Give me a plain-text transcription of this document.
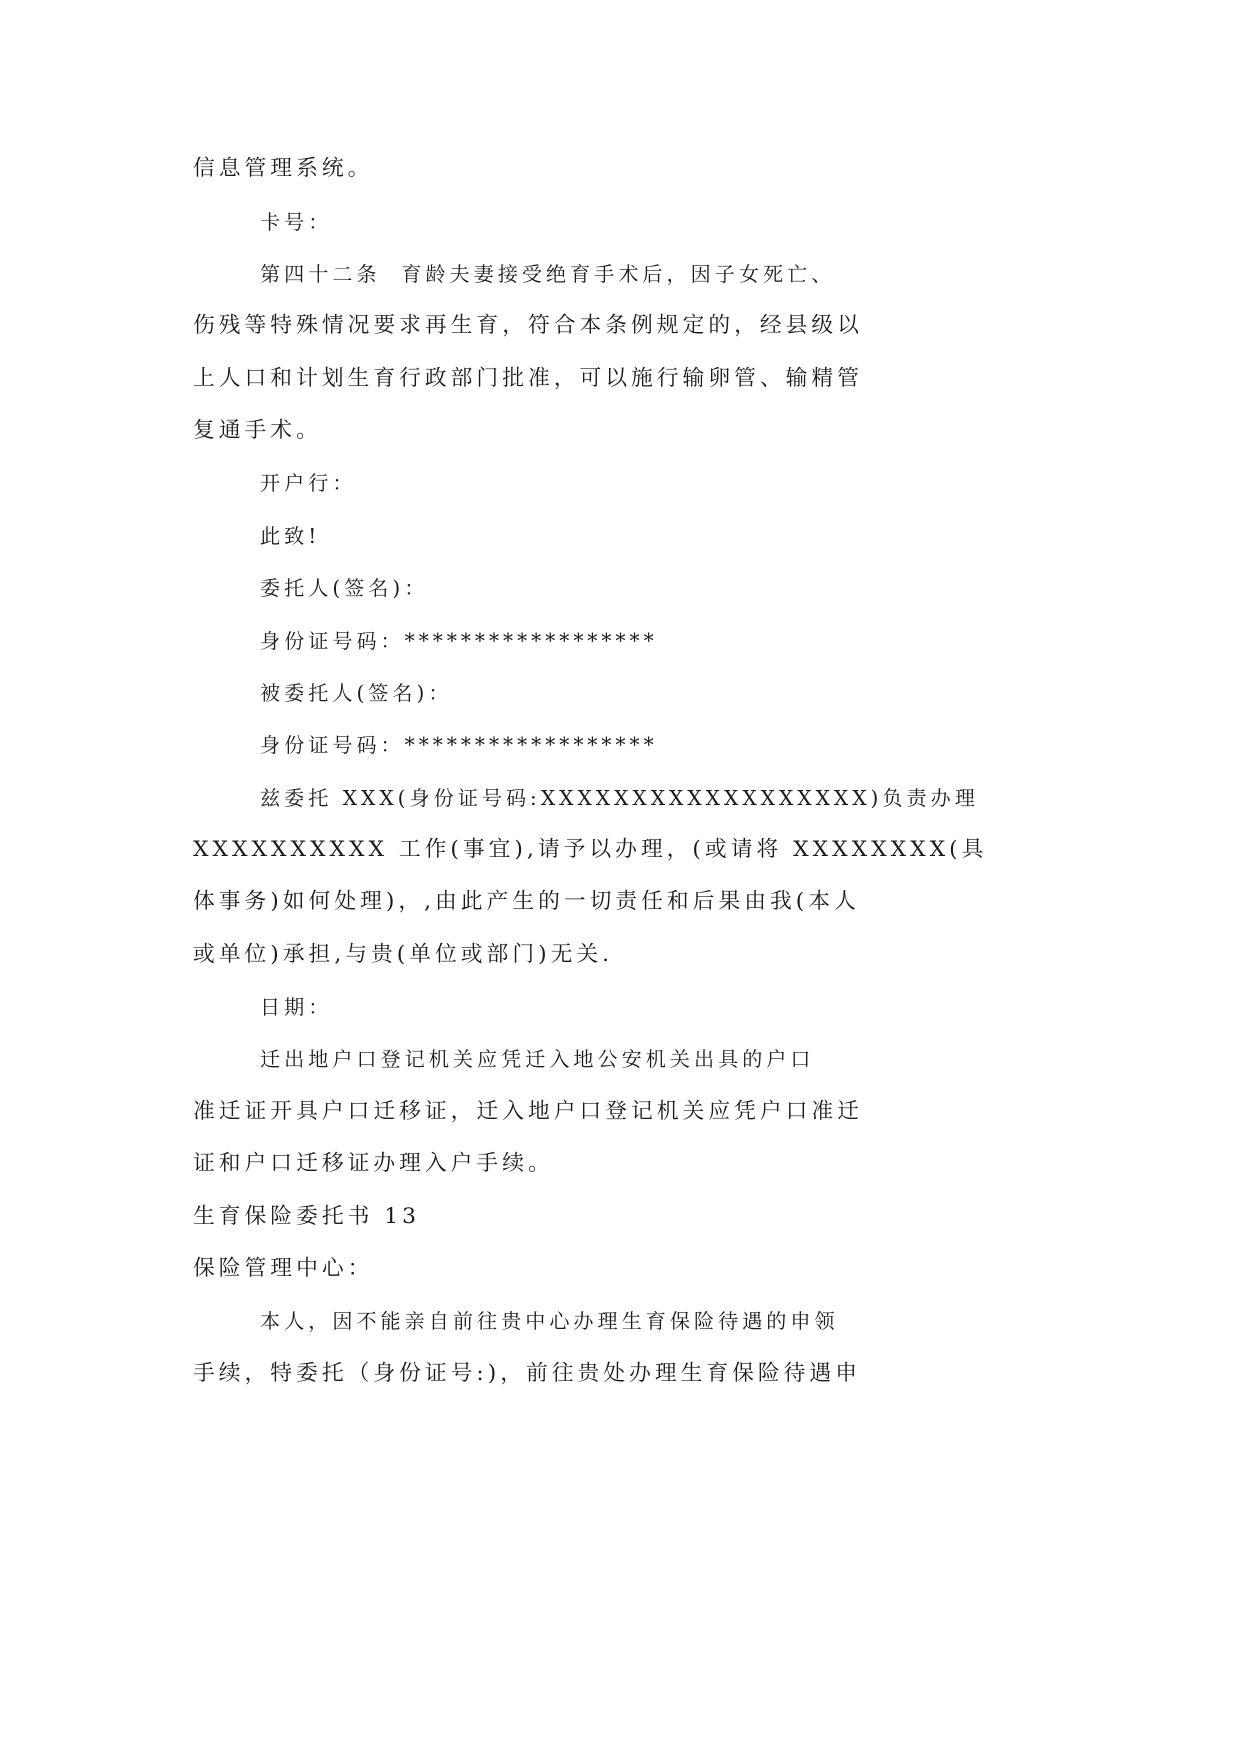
信息管理系统。
卡号：
第四十二条  育龄夫妻接受绝育手术后，因子女死亡、
伤残等特殊情况要求再生育，符合本条例规定的，经县级以
上人口和计划生育行政部门批准，可以施行输卵管、输精管
复通手术。
开户行：
此致!
委托人(签名)：
身份证号码：******************
被委托人(签名)：
身份证号码：******************
兹委托 XXX(身份证号码:XXXXXXXXXXXXXXXXXX)负责办理
XXXXXXXXXX 工作(事宜),请予以办理，(或请将 XXXXXXXX(具
体事务)如何处理)，,由此产生的一切责任和后果由我(本人
或单位)承担,与贵(单位或部门)无关.
日期：
迁出地户口登记机关应凭迁入地公安机关出具的户口
准迁证开具户口迁移证，迁入地户口登记机关应凭户口准迁
证和户口迁移证办理入户手续。
生育保险委托书 13
保险管理中心：
本人，因不能亲自前往贵中心办理生育保险待遇的申领
手续，特委托（身份证号:)，前往贵处办理生育保险待遇申
